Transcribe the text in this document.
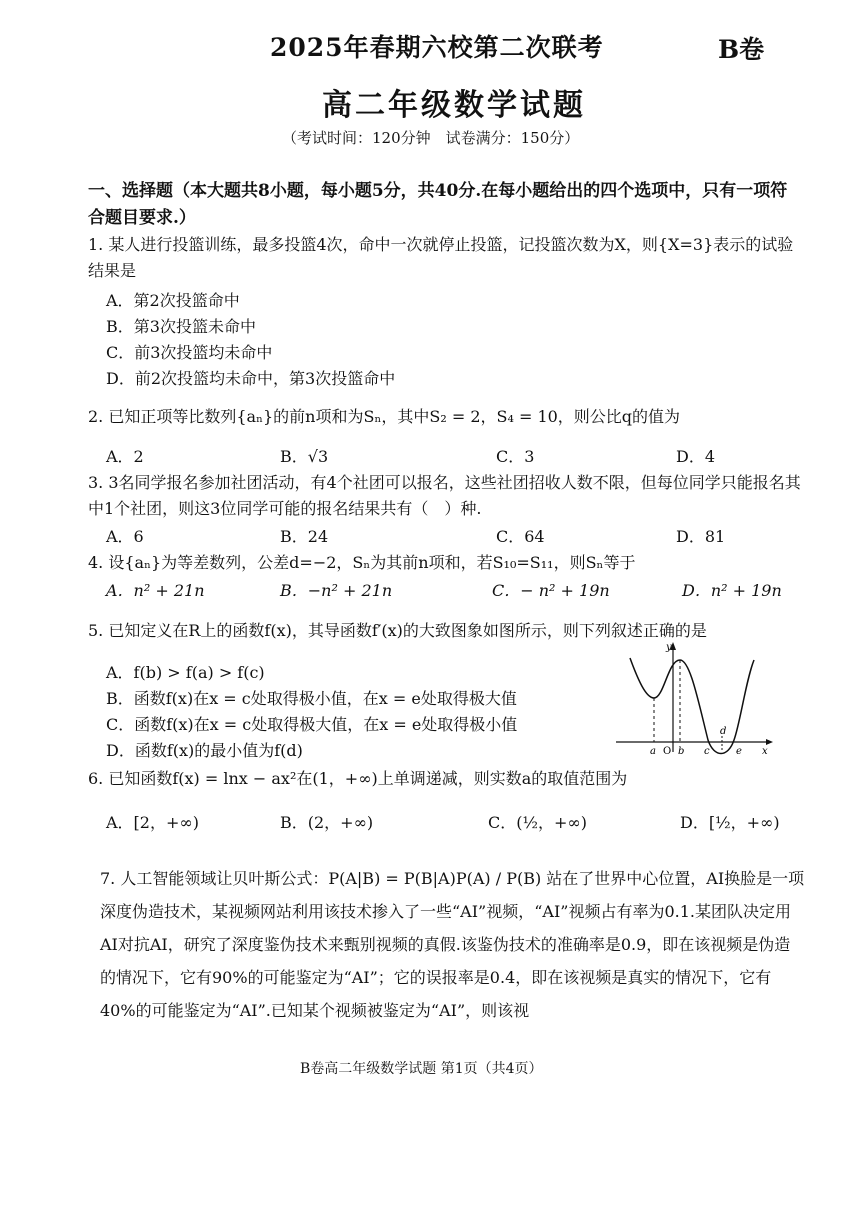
2025年春期六校第二次联考	B卷
高二年级数学试题
（考试时间：120分钟　试卷满分：150分）
一、选择题（本大题共8小题，每小题5分，共40分.在每小题给出的四个选项中，只有一项符合题目要求.）
1. 某人进行投篮训练，最多投篮4次，命中一次就停止投篮，记投篮次数为X，则{X=3}表示的试验结果是
A．第2次投篮命中
B．第3次投篮未命中
C．前3次投篮均未命中
D．前2次投篮均未命中，第3次投篮命中
2. 已知正项等比数列{aₙ}的前n项和为Sₙ，其中S₂ = 2，S₄ = 10，则公比q的值为
A．2	B．√3	C．3	D．4
3. 3名同学报名参加社团活动，有4个社团可以报名，这些社团招收人数不限，但每位同学只能报名其中1个社团，则这3位同学可能的报名结果共有（　）种.
A．6	B．24	C．64	D．81
4. 设{aₙ}为等差数列，公差d=−2，Sₙ为其前n项和，若S₁₀=S₁₁，则Sₙ等于
A．n² + 21n	B．−n² + 21n	C．− n² + 19n	D．n² + 19n
5. 已知定义在R上的函数f(x)，其导函数f′(x)的大致图象如图所示，则下列叙述正确的是
A．f(b) > f(a) > f(c)
B．函数f(x)在x = c处取得极小值，在x = e处取得极大值
C．函数f(x)在x = c处取得极大值，在x = e处取得极小值
D．函数f(x)的最小值为f(d)
y
x
a O b c
d
e
6. 已知函数f(x) = lnx − ax²在(1，+∞)上单调递减，则实数a的取值范围为
A．[2，+∞)	B．(2，+∞)	C．(½，+∞)	D．[½，+∞)
7. 人工智能领域让贝叶斯公式：P(A|B) = P(B|A)P(A) / P(B) 站在了世界中心位置，AI换脸是一项深度伪造技术，某视频网站利用该技术掺入了一些“AI”视频，“AI”视频占有率为0.1.某团队决定用AI对抗AI，研究了深度鉴伪技术来甄别视频的真假.该鉴伪技术的准确率是0.9，即在该视频是伪造的情况下，它有90%的可能鉴定为“AI”；它的误报率是0.4，即在该视频是真实的情况下，它有40%的可能鉴定为“AI”.已知某个视频被鉴定为“AI”，则该视
B卷高二年级数学试题 第1页（共4页）
